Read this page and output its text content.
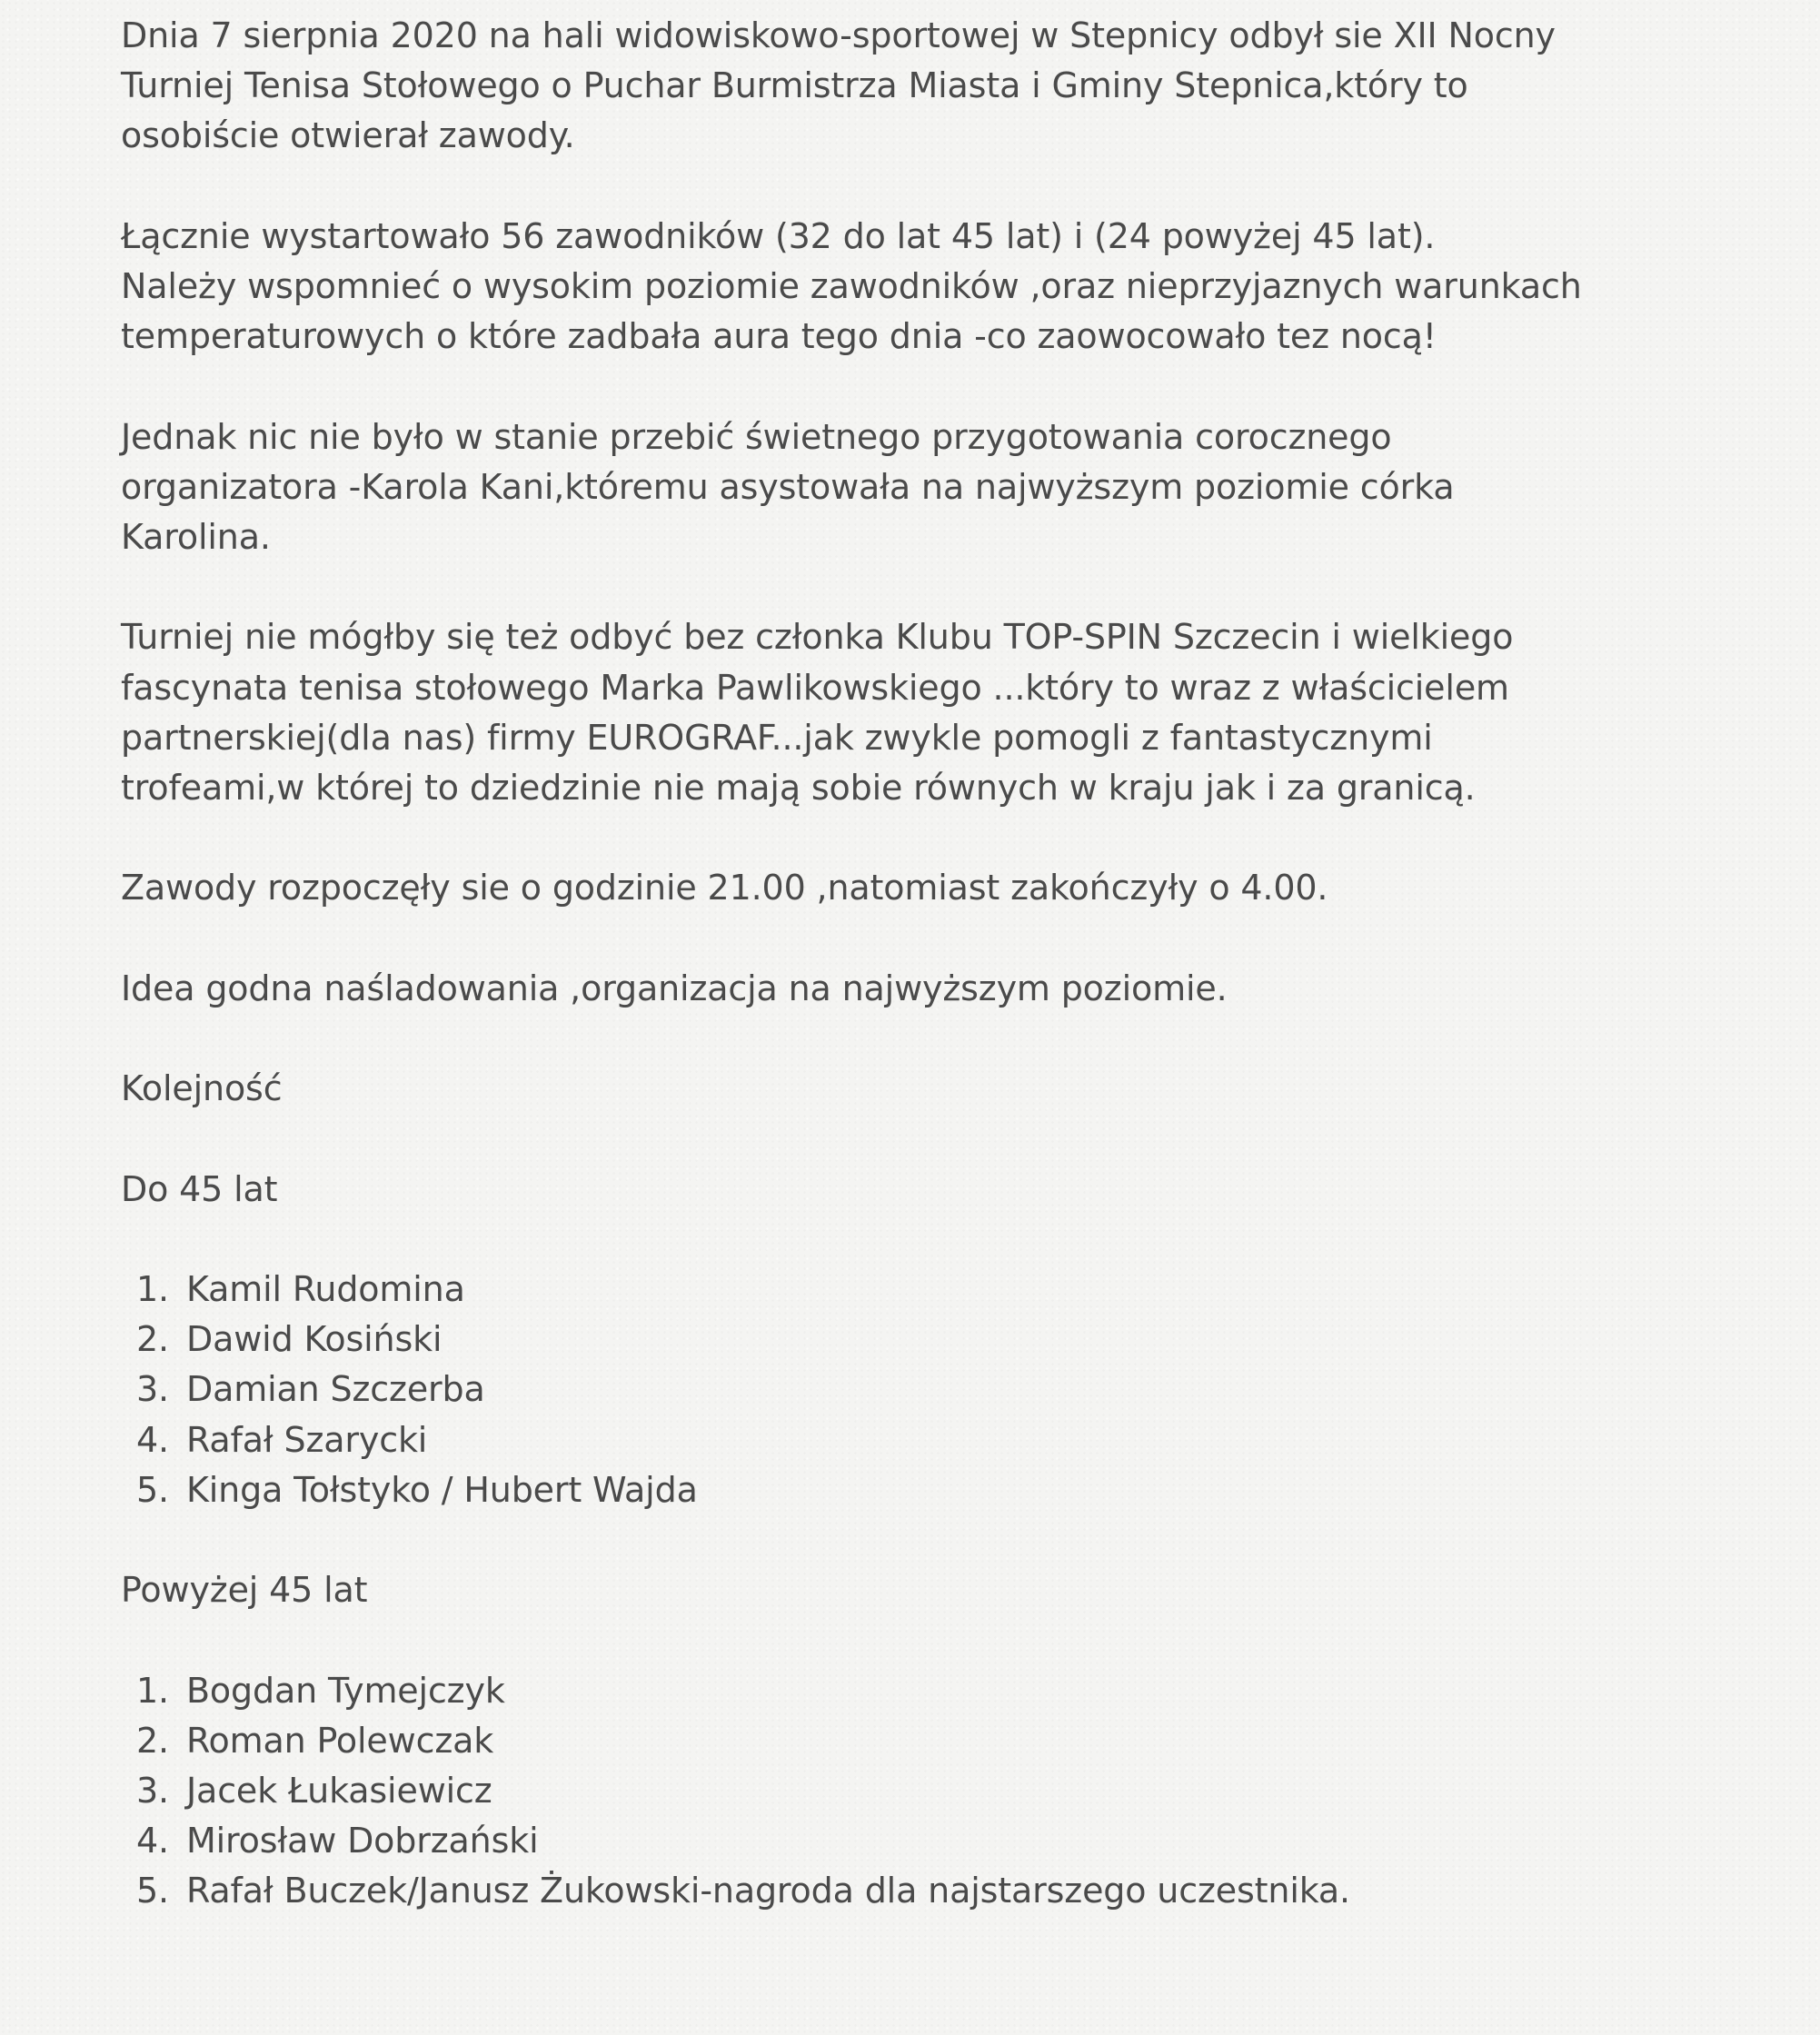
Dnia 7 sierpnia 2020 na hali widowiskowo-sportowej w Stepnicy odbył sie XII Nocny
Turniej Tenisa Stołowego o Puchar Burmistrza Miasta i Gminy Stepnica,który to
osobiście otwierał zawody.

Łącznie wystartowało 56 zawodników (32 do lat 45 lat) i (24 powyżej 45 lat).
Należy wspomnieć o wysokim poziomie zawodników ,oraz nieprzyjaznych warunkach
temperaturowych o które zadbała aura tego dnia -co zaowocowało tez nocą!

Jednak nic nie było w stanie przebić świetnego przygotowania corocznego
organizatora -Karola Kani,któremu asystowała na najwyższym poziomie córka
Karolina.

Turniej nie mógłby się też odbyć bez członka Klubu TOP-SPIN Szczecin i wielkiego
fascynata tenisa stołowego Marka Pawlikowskiego ...który to wraz z właścicielem
partnerskiej(dla nas) firmy EUROGRAF...jak zwykle pomogli z fantastycznymi
trofeami,w której to dziedzinie nie mają sobie równych w kraju jak i za granicą.

Zawody rozpoczęły sie o godzinie 21.00 ,natomiast zakończyły o 4.00.

Idea godna naśladowania ,organizacja na najwyższym poziomie.

Kolejność

Do 45 lat

1. Kamil Rudomina
2. Dawid Kosiński
3. Damian Szczerba
4. Rafał Szarycki
5. Kinga Tołstyko / Hubert Wajda

Powyżej 45 lat

1. Bogdan Tymejczyk
2. Roman Polewczak
3. Jacek Łukasiewicz
4. Mirosław Dobrzański
5. Rafał Buczek/Janusz Żukowski-nagroda dla najstarszego uczestnika.
